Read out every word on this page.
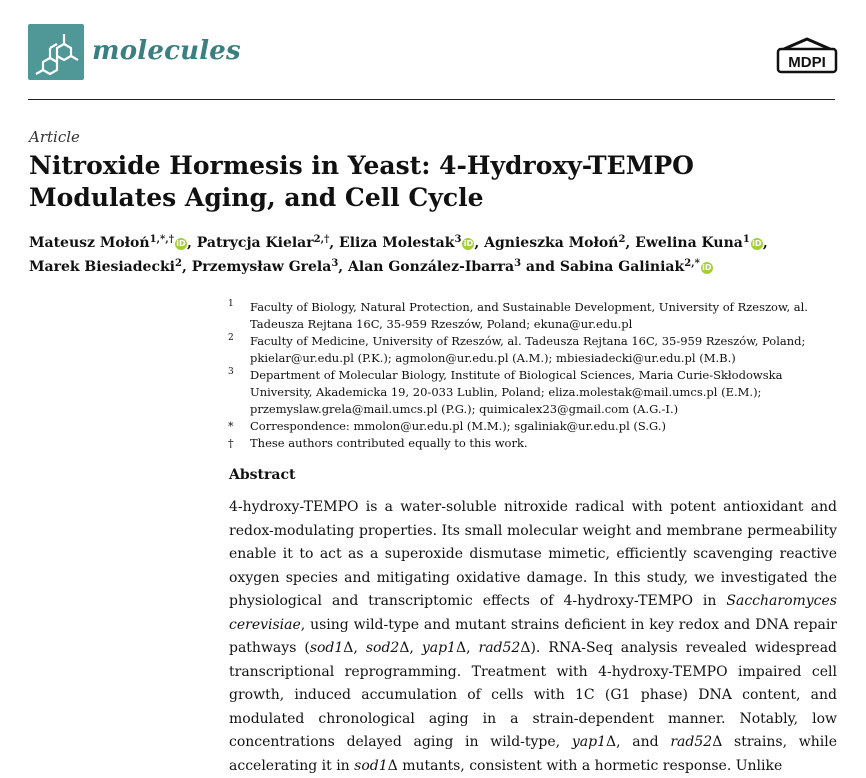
molecules	MDPI
Article
Nitroxide Hormesis in Yeast: 4-Hydroxy-TEMPO Modulates Aging, and Cell Cycle
Mateusz Mołoń$^{1,*,\dagger}$ iD, Patrycja Kielar$^{2,\dagger}$, Eliza Molestak$^3$ iD, Agnieszka Mołoń$^2$, Ewelina Kuna$^1$ iD,
Marek Biesiadecki$^2$, Przemysław Grela$^3$, Alan González-Ibarra$^3$ and Sabina Galiniak$^{2,*}$ iD
1 Faculty of Biology, Natural Protection, and Sustainable Development, University of Rzeszow, al. Tadeusza Rejtana 16C, 35-959 Rzeszów, Poland; ekuna@ur.edu.pl
2 Faculty of Medicine, University of Rzeszów, al. Tadeusza Rejtana 16C, 35-959 Rzeszów, Poland; pkielar@ur.edu.pl (P.K.); agmolon@ur.edu.pl (A.M.); mbiesiadecki@ur.edu.pl (M.B.)
3 Department of Molecular Biology, Institute of Biological Sciences, Maria Curie-Skłodowska University, Akademicka 19, 20-033 Lublin, Poland; eliza.molestak@mail.umcs.pl (E.M.); przemyslaw.grela@mail.umcs.pl (P.G.); quimicalex23@gmail.com (A.G.-I.)
* Correspondence: mmolon@ur.edu.pl (M.M.); sgaliniak@ur.edu.pl (S.G.)
† These authors contributed equally to this work.
Abstract
4-hydroxy-TEMPO is a water-soluble nitroxide radical with potent antioxidant and redox-modulating properties. Its small molecular weight and membrane permeability enable it to act as a superoxide dismutase mimetic, efficiently scavenging reactive oxygen species and mitigating oxidative damage. In this study, we investigated the physiological and transcriptomic effects of 4-hydroxy-TEMPO in Saccharomyces cerevisiae, using wild-type and mutant strains deficient in key redox and DNA repair pathways (sod1Δ, sod2Δ, yap1Δ, rad52Δ). RNA-Seq analysis revealed widespread transcriptional reprogramming. Treatment with 4-hydroxy-TEMPO impaired cell growth, induced accumulation of cells with 1C (G1 phase) DNA content, and modulated chronological aging in a strain-dependent manner. Notably, low concentrations delayed aging in wild-type, yap1Δ, and rad52Δ strains, while accelerating it in sod1Δ mutants, consistent with a hormetic response. Unlike
